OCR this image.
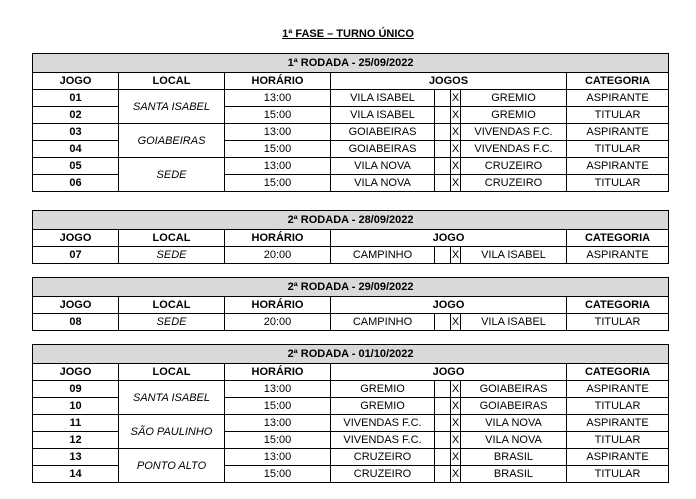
1ª FASE – TURNO ÚNICO
1ª RODADA - 25/09/2022							
JOGO	LOCAL	HORÁRIO	JOGOS				CATEGORIA
01	SANTA ISABEL	13:00	VILA ISABEL		X	GREMIO	ASPIRANTE
02		15:00	VILA ISABEL		X	GREMIO	TITULAR
03	GOIABEIRAS	13:00	GOIABEIRAS		X	VIVENDAS F.C.	ASPIRANTE
04		15:00	GOIABEIRAS		X	VIVENDAS F.C.	TITULAR
05	SEDE	13:00	VILA NOVA		X	CRUZEIRO	ASPIRANTE
06		15:00	VILA NOVA		X	CRUZEIRO	TITULAR
2ª RODADA - 28/09/2022							
JOGO	LOCAL	HORÁRIO	JOGO				CATEGORIA
07	SEDE	20:00	CAMPINHO		X	VILA ISABEL	ASPIRANTE
2ª RODADA - 29/09/2022							
JOGO	LOCAL	HORÁRIO	JOGO				CATEGORIA
08	SEDE	20:00	CAMPINHO		X	VILA ISABEL	TITULAR
2ª RODADA - 01/10/2022							
JOGO	LOCAL	HORÁRIO	JOGO				CATEGORIA
09	SANTA ISABEL	13:00	GREMIO		X	GOIABEIRAS	ASPIRANTE
10		15:00	GREMIO		X	GOIABEIRAS	TITULAR
11	SÃO PAULINHO	13:00	VIVENDAS F.C.		X	VILA NOVA	ASPIRANTE
12		15:00	VIVENDAS F.C.		X	VILA NOVA	TITULAR
13	PONTO ALTO	13:00	CRUZEIRO		X	BRASIL	ASPIRANTE
14		15:00	CRUZEIRO		X	BRASIL	TITULAR
